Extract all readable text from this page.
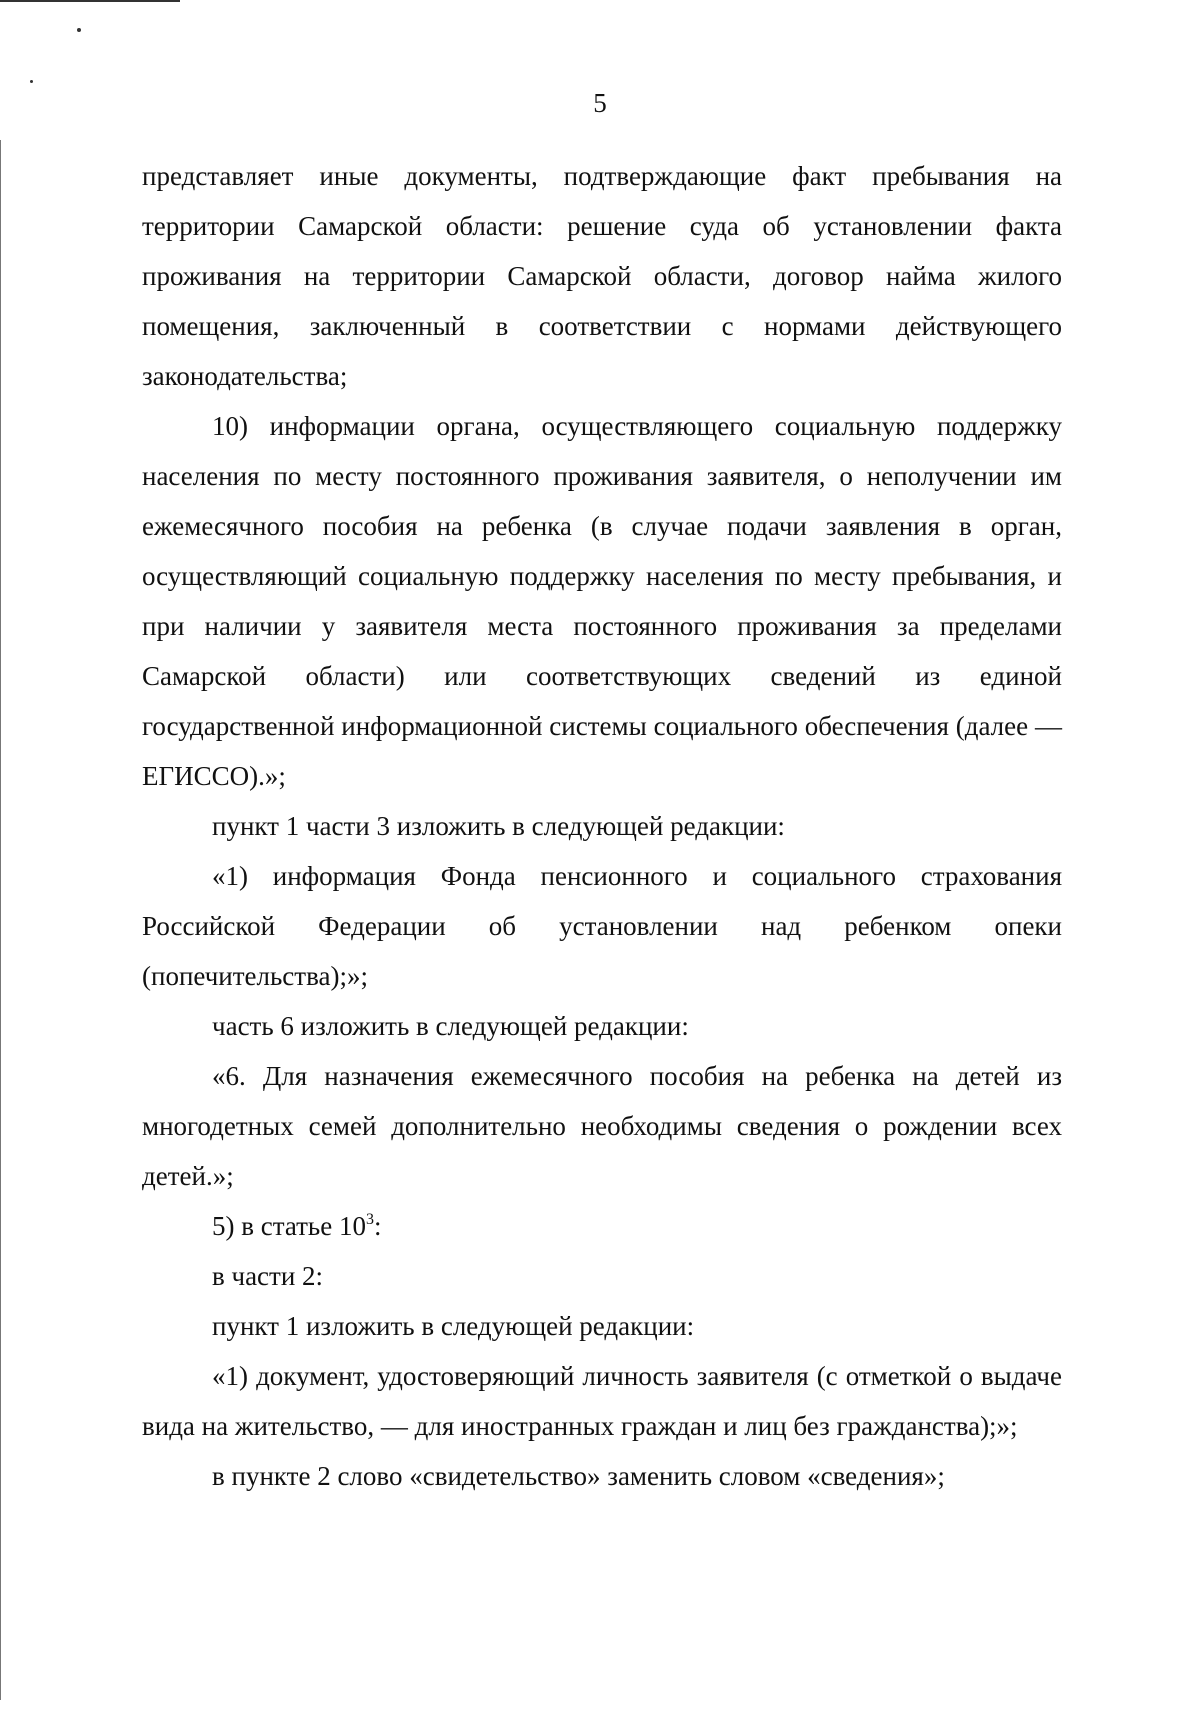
5

представляет иные документы, подтверждающие факт пребывания на территории Самарской области: решение суда об установлении факта проживания на территории Самарской области, договор найма жилого помещения, заключенный в соответствии с нормами действующего законодательства;

10) информации органа, осуществляющего социальную поддержку населения по месту постоянного проживания заявителя, о неполучении им ежемесячного пособия на ребенка (в случае подачи заявления в орган, осуществляющий социальную поддержку населения по месту пребывания, и при наличии у заявителя места постоянного проживания за пределами Самарской области) или соответствующих сведений из единой государственной информационной системы социального обеспечения (далее — ЕГИССО).»;

пункт 1 части 3 изложить в следующей редакции:

«1) информация Фонда пенсионного и социального страхования Российской Федерации об установлении над ребенком опеки (попечительства);»;

часть 6 изложить в следующей редакции:

«6. Для назначения ежемесячного пособия на ребенка на детей из многодетных семей дополнительно необходимы сведения о рождении всех детей.»;

5) в статье $10^3$:

в части 2:

пункт 1 изложить в следующей редакции:

«1) документ, удостоверяющий личность заявителя (с отметкой о выдаче вида на жительство, — для иностранных граждан и лиц без гражданства);»;

в пункте 2 слово «свидетельство» заменить словом «сведения»;
